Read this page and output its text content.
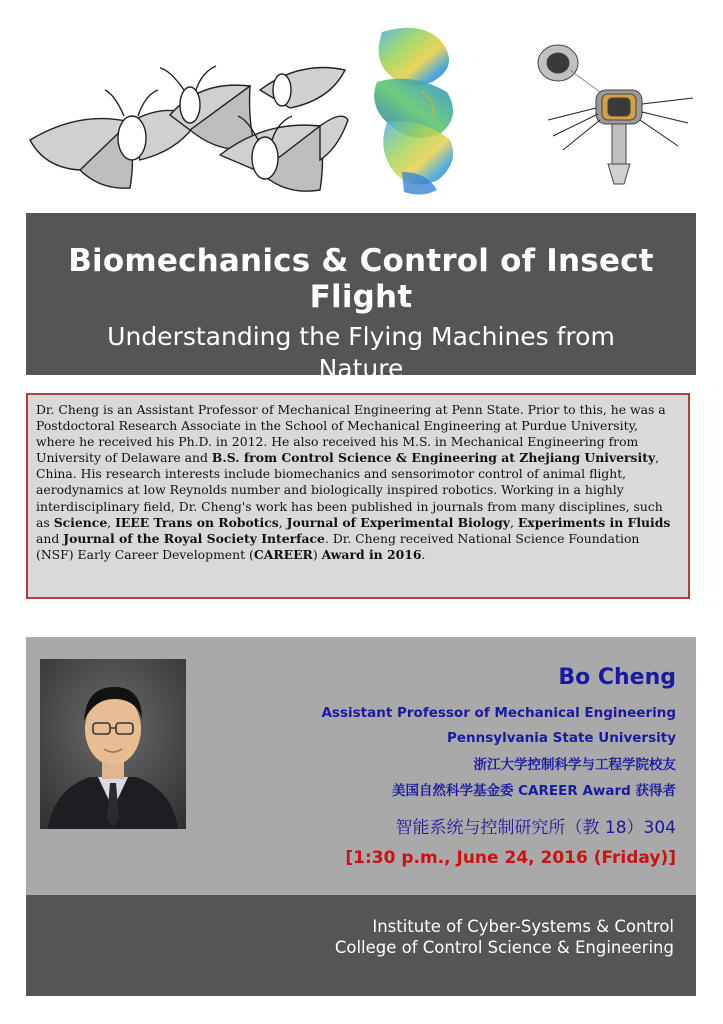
Biomechanics & Control of Insect Flight
Understanding the Flying Machines from Nature
Dr. Cheng is an Assistant Professor of Mechanical Engineering at Penn State. Prior to this, he was a Postdoctoral Research Associate in the School of Mechanical Engineering at Purdue University, where he received his Ph.D. in 2012. He also received his M.S. in Mechanical Engineering from University of Delaware and B.S. from Control Science & Engineering at Zhejiang University, China. His research interests include biomechanics and sensorimotor control of animal flight, aerodynamics at low Reynolds number and biologically inspired robotics. Working in a highly interdisciplinary field, Dr. Cheng's work has been published in journals from many disciplines, such as Science, IEEE Trans on Robotics, Journal of Experimental Biology, Experiments in Fluids and Journal of the Royal Society Interface. Dr. Cheng received National Science Foundation (NSF) Early Career Development (CAREER) Award in 2016.
Bo Cheng
Assistant Professor of Mechanical Engineering
Pennsylvania State University
浙江大学控制科学与工程学院校友
美国自然科学基金委 CAREER Award 获得者
智能系统与控制研究所（教 18）304
[1:30 p.m., June 24, 2016 (Friday)]
Institute of Cyber-Systems & Control
College of Control Science & Engineering
